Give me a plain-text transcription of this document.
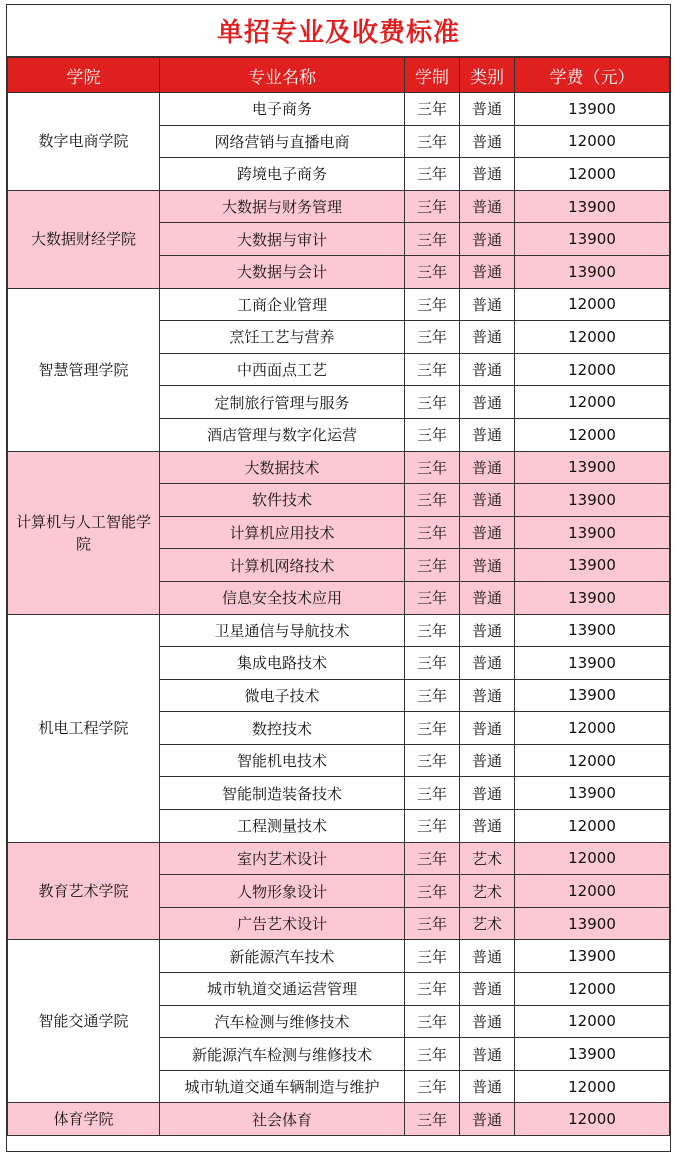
单招专业及收费标准
学院	专业名称	学制	类别	学费（元）
数字电商学院	电子商务	三年	普通	13900
	网络营销与直播电商	三年	普通	12000
	跨境电子商务	三年	普通	12000
大数据财经学院	大数据与财务管理	三年	普通	13900
	大数据与审计	三年	普通	13900
	大数据与会计	三年	普通	13900
智慧管理学院	工商企业管理	三年	普通	12000
	烹饪工艺与营养	三年	普通	12000
	中西面点工艺	三年	普通	12000
	定制旅行管理与服务	三年	普通	12000
	酒店管理与数字化运营	三年	普通	12000
计算机与人工智能学院	大数据技术	三年	普通	13900
	软件技术	三年	普通	13900
	计算机应用技术	三年	普通	13900
	计算机网络技术	三年	普通	13900
	信息安全技术应用	三年	普通	13900
机电工程学院	卫星通信与导航技术	三年	普通	13900
	集成电路技术	三年	普通	13900
	微电子技术	三年	普通	13900
	数控技术	三年	普通	12000
	智能机电技术	三年	普通	12000
	智能制造装备技术	三年	普通	13900
	工程测量技术	三年	普通	12000
教育艺术学院	室内艺术设计	三年	艺术	12000
	人物形象设计	三年	艺术	12000
	广告艺术设计	三年	艺术	13900
智能交通学院	新能源汽车技术	三年	普通	13900
	城市轨道交通运营管理	三年	普通	12000
	汽车检测与维修技术	三年	普通	12000
	新能源汽车检测与维修技术	三年	普通	13900
	城市轨道交通车辆制造与维护	三年	普通	12000
体育学院	社会体育	三年	普通	12000
